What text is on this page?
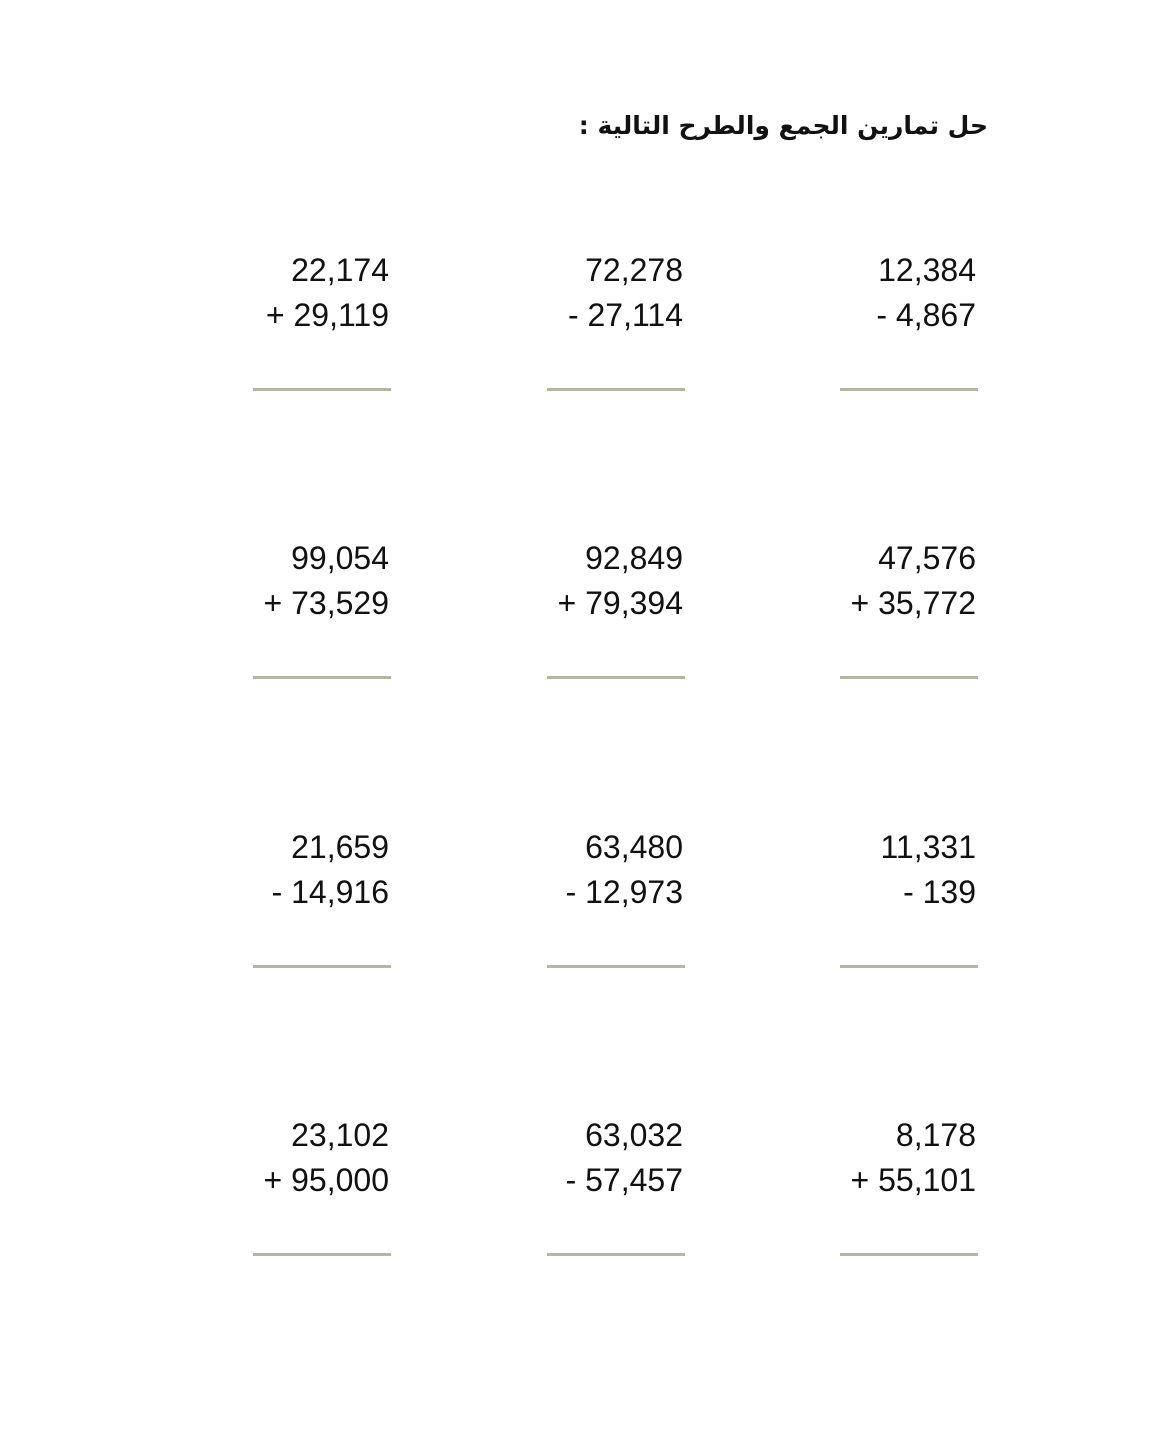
حل تمارين الجمع والطرح التالية :
12,384
- 4,867
72,278
- 27,114
22,174
+ 29,119
47,576
+ 35,772
92,849
+ 79,394
99,054
+ 73,529
11,331
- 139
63,480
- 12,973
21,659
- 14,916
8,178
+ 55,101
63,032
- 57,457
23,102
+ 95,000
